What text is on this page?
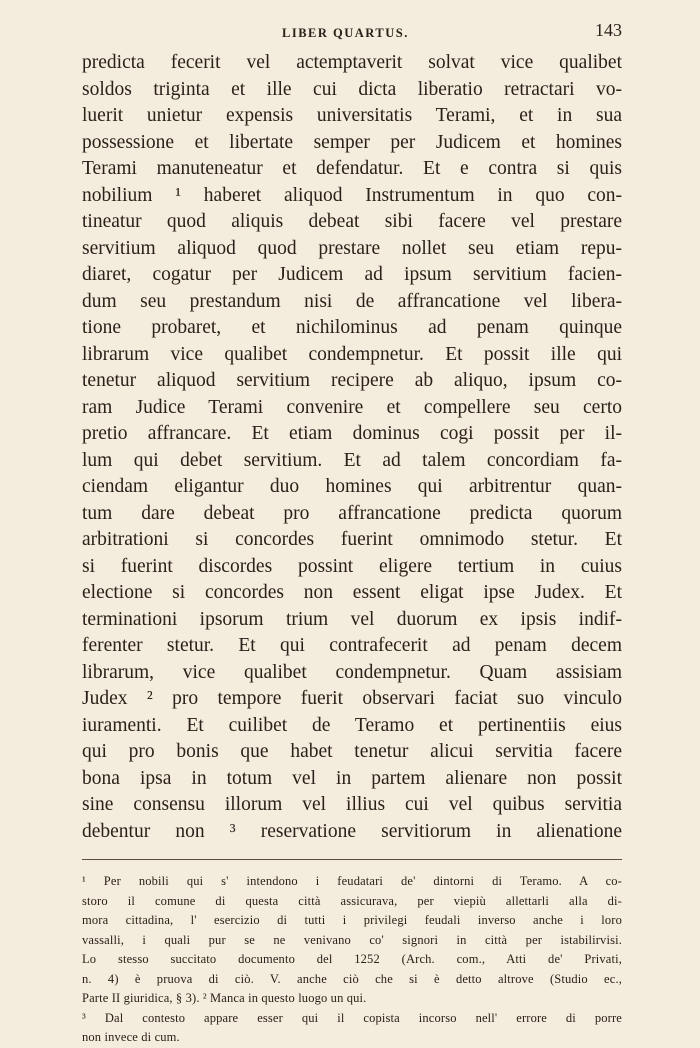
LIBER QUARTUS.	143
predicta fecerit vel actemptaverit solvat vice qualibet
soldos triginta et ille cui dicta liberatio retractari vo-
luerit unietur expensis universitatis Terami, et in sua
possessione et libertate semper per Judicem et homines
Terami manuteneatur et defendatur. Et e contra si quis
nobilium ¹ haberet aliquod Instrumentum in quo con-
tineatur quod aliquis debeat sibi facere vel prestare
servitium aliquod quod prestare nollet seu etiam repu-
diaret, cogatur per Judicem ad ipsum servitium facien-
dum seu prestandum nisi de affrancatione vel libera-
tione probaret, et nichilominus ad penam quinque
librarum vice qualibet condempnetur. Et possit ille qui
tenetur aliquod servitium recipere ab aliquo, ipsum co-
ram Judice Terami convenire et compellere seu certo
pretio affrancare. Et etiam dominus cogi possit per il-
lum qui debet servitium. Et ad talem concordiam fa-
ciendam eligantur duo homines qui arbitrentur quan-
tum dare debeat pro affrancatione predicta quorum
arbitrationi si concordes fuerint omnimodo stetur. Et
si fuerint discordes possint eligere tertium in cuius
electione si concordes non essent eligat ipse Judex. Et
terminationi ipsorum trium vel duorum ex ipsis indif-
ferenter stetur. Et qui contrafecerit ad penam decem
librarum, vice qualibet condempnetur. Quam assisiam
Judex ² pro tempore fuerit observari faciat suo vinculo
iuramenti. Et cuilibet de Teramo et pertinentiis eius
qui pro bonis que habet tenetur alicui servitia facere
bona ipsa in totum vel in partem alienare non possit
sine consensu illorum vel illius cui vel quibus servitia
debentur non ³ reservatione servitiorum in alienatione
¹ Per nobili qui s' intendono i feudatari de' dintorni di Teramo. A co-
storo il comune di questa città assicurava, per viepiù allettarli alla di-
mora cittadina, l' esercizio di tutti i privilegi feudali inverso anche i loro
vassalli, i quali pur se ne venivano co' signori in città per istabilirvisi.
Lo stesso succitato documento del 1252 (Arch. com., Atti de' Privati,
n. 4) è pruova di ciò. V. anche ciò che si è detto altrove (Studio ec.,
Parte II giuridica, § 3). ² Manca in questo luogo un qui.
³ Dal contesto appare esser qui il copista incorso nell' errore di porre
non invece di cum.
